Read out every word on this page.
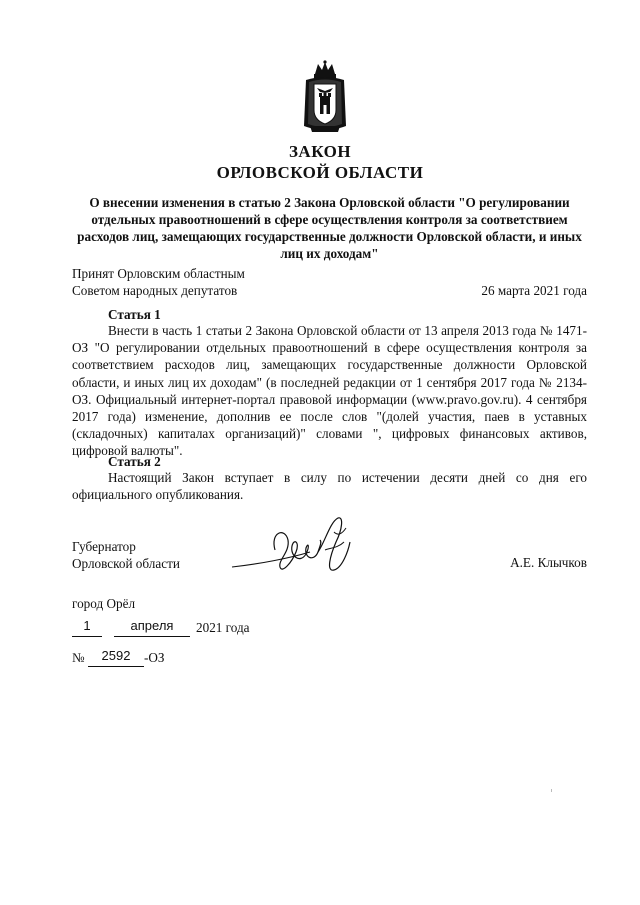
ЗАКОН
ОРЛОВСКОЙ ОБЛАСТИ
О внесении изменения в статью 2 Закона Орловской области "О регулировании отдельных правоотношений в сфере осуществления контроля за соответствием расходов лиц, замещающих государственные должности Орловской области, и иных лиц их доходам"
Принят Орловским областным
Советом народных депутатов	26 марта 2021 года
Статья 1

Внести в часть 1 статьи 2 Закона Орловской области от 13 апреля 2013 года № 1471-ОЗ "О регулировании отдельных правоотношений в сфере осуществления контроля за соответствием расходов лиц, замещающих государственные должности Орловской области, и иных лиц их доходам" (в последней редакции от 1 сентября 2017 года № 2134-ОЗ. Официальный интернет-портал правовой информации (www.pravo.gov.ru). 4 сентября 2017 года) изменение, дополнив ее после слов "(долей участия, паев в уставных (складочных) капиталах организаций)" словами ", цифровых финансовых активов, цифровой валюты".

Статья 2

Настоящий Закон вступает в силу по истечении десяти дней со дня его официального опубликования.

Губернатор
Орловской области	А.Е. Клычков
город Орёл
1	апреля	2021 года
№	2592	-ОЗ
